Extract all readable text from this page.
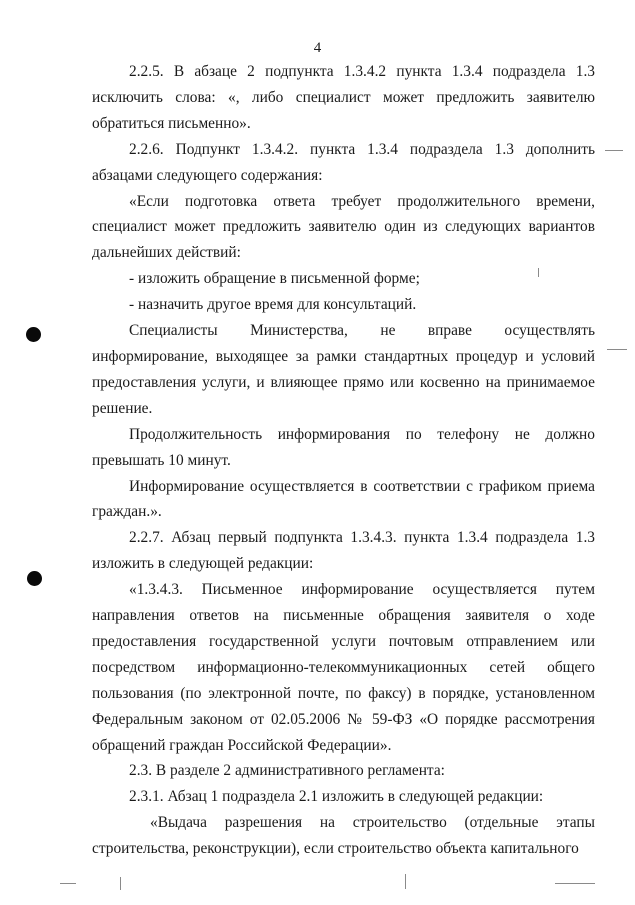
4

2.2.5. В абзаце 2 подпункта 1.3.4.2 пункта 1.3.4 подраздела 1.3 исключить слова: «, либо специалист может предложить заявителю обратиться письменно».

2.2.6. Подпункт 1.3.4.2. пункта 1.3.4 подраздела 1.3 дополнить абзацами следующего содержания:

«Если подготовка ответа требует продолжительного времени, специалист может предложить заявителю один из следующих вариантов дальнейших действий:

- изложить обращение в письменной форме;

- назначить другое время для консультаций.

Специалисты Министерства, не вправе осуществлять информирование, выходящее за рамки стандартных процедур и условий предоставления услуги, и влияющее прямо или косвенно на принимаемое решение.

Продолжительность информирования по телефону не должно превышать 10 минут.

Информирование осуществляется в соответствии с графиком приема граждан.».

2.2.7. Абзац первый подпункта 1.3.4.3. пункта 1.3.4 подраздела 1.3 изложить в следующей редакции:

«1.3.4.3. Письменное информирование осуществляется путем направления ответов на письменные обращения заявителя о ходе предоставления государственной услуги почтовым отправлением или посредством информационно-телекоммуникационных сетей общего пользования (по электронной почте, по факсу) в порядке, установленном Федеральным законом от 02.05.2006 № 59-ФЗ «О порядке рассмотрения обращений граждан Российской Федерации».

2.3. В разделе 2 административного регламента:

2.3.1. Абзац 1 подраздела 2.1 изложить в следующей редакции:

«Выдача разрешения на строительство (отдельные этапы строительства, реконструкции), если строительство объекта капитального
